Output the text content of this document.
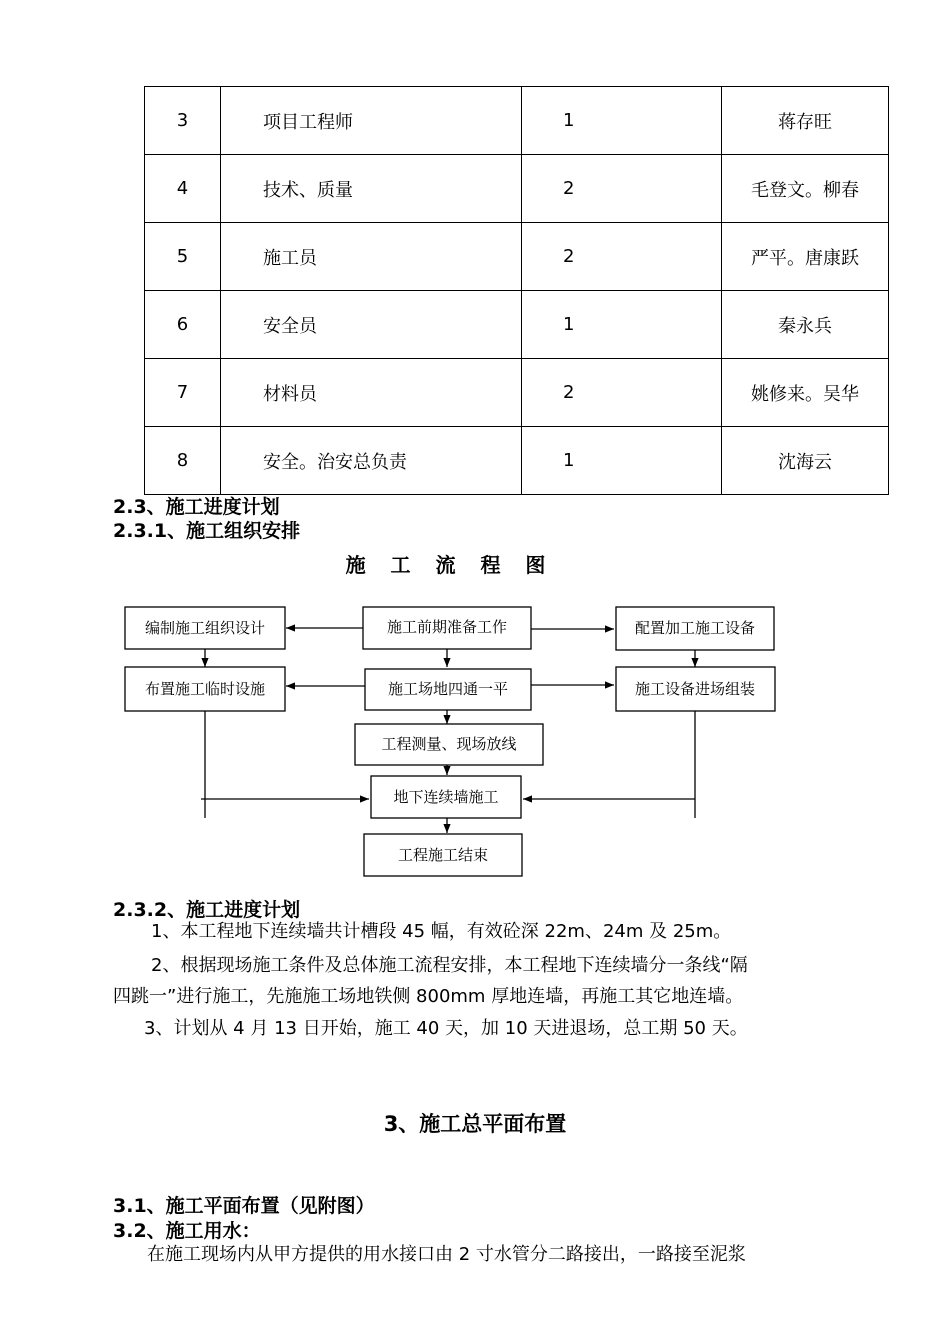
3	项目工程师	1	蒋存旺
4	技术、质量	2	毛登文。柳春
5	施工员	2	严平。唐康跃
6	安全员	1	秦永兵
7	材料员	2	姚修来。吴华
8	安全。治安总负责	1	沈海云
2.3、施工进度计划
2.3.1、施工组织安排
施 工 流 程 图
编制施工组织设计	施工前期准备工作	配置加工施工设备
布置施工临时设施	施工场地四通一平	施工设备进场组装
工程测量、现场放线
地下连续墙施工
工程施工结束
2.3.2、施工进度计划
1、本工程地下连续墙共计槽段 45 幅，有效砼深 22m、24m 及 25m。
2、根据现场施工条件及总体施工流程安排，本工程地下连续墙分一条线“隔
四跳一”进行施工，先施施工场地铁侧 800mm 厚地连墙，再施工其它地连墙。
3、计划从 4 月 13 日开始，施工 40 天，加 10 天进退场，总工期 50 天。
3、施工总平面布置
3.1、施工平面布置（见附图）
3.2、施工用水：
在施工现场内从甲方提供的用水接口由 2 寸水管分二路接出，一路接至泥浆
